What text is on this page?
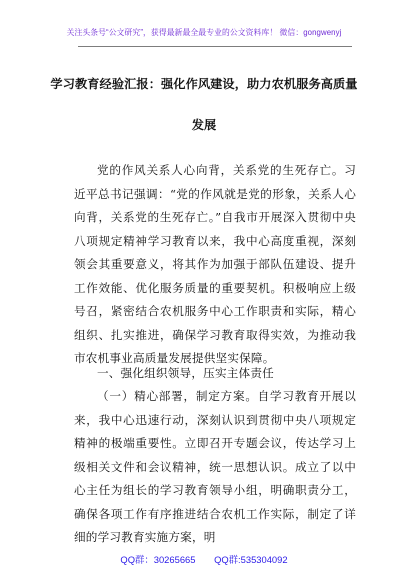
关注头条号“公文研究”，获得最新最全最专业的公文资料库！ 微信：gongwenyj
学习教育经验汇报：强化作风建设，助力农机服务高质量
发展

党的作风关系人心向背，关系党的生死存亡。习近平总书记强调：“党的作风就是党的形象，关系人心向背，关系党的生死存亡。”自我市开展深入贯彻中央八项规定精神学习教育以来，我中心高度重视，深刻领会其重要意义，将其作为加强于部队伍建设、提升工作效能、优化服务质量的重要契机。积极响应上级号召，紧密结合农机服务中心工作职责和实际，精心组织、扎实推进，确保学习教育取得实效，为推动我市农机事业高质量发展提供坚实保障。

一、强化组织领导，压实主体责任

（一）精心部署，制定方案。自学习教育开展以来，我中心迅速行动，深刻认识到贯彻中央八项规定精神的极端重要性。立即召开专题会议，传达学习上级相关文件和会议精神，统一思想认识。成立了以中心主任为组长的学习教育领导小组，明确职责分工，确保各项工作有序推进结合农机工作实际，制定了详细的学习教育实施方案，明

QQ群：30265665 QQ群:535304092
